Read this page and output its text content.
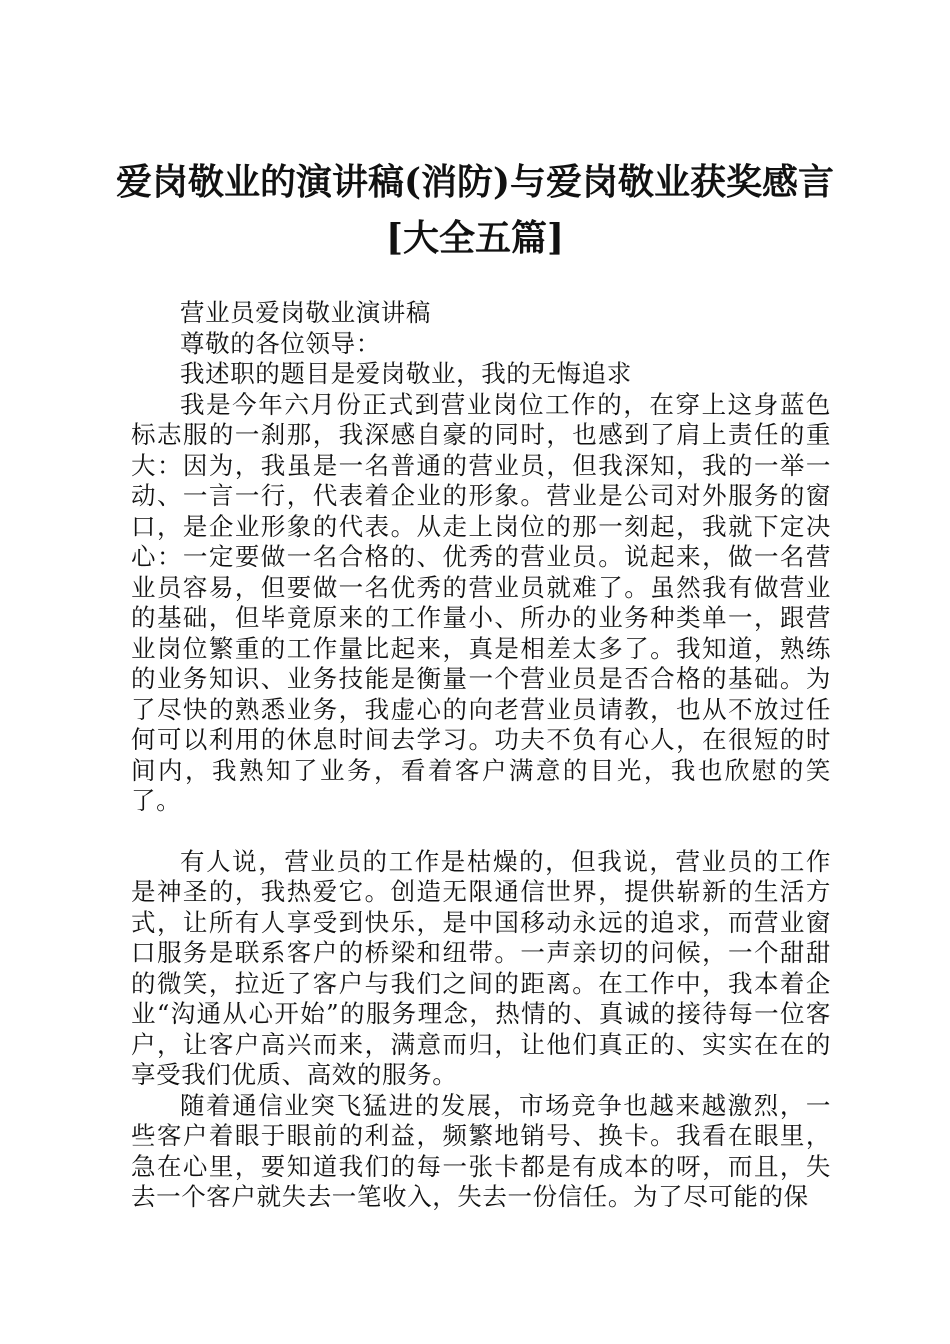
爱岗敬业的演讲稿(消防)与爱岗敬业获奖感言
[大全五篇]

营业员爱岗敬业演讲稿

尊敬的各位领导：

我述职的题目是爱岗敬业，我的无悔追求

我是今年六月份正式到营业岗位工作的，在穿上这身蓝色标志服的一刹那，我深感自豪的同时，也感到了肩上责任的重大：因为，我虽是一名普通的营业员，但我深知，我的一举一动、一言一行，代表着企业的形象。营业是公司对外服务的窗口，是企业形象的代表。从走上岗位的那一刻起，我就下定决心：一定要做一名合格的、优秀的营业员。说起来，做一名营业员容易，但要做一名优秀的营业员就难了。虽然我有做营业的基础，但毕竟原来的工作量小、所办的业务种类单一，跟营业岗位繁重的工作量比起来，真是相差太多了。我知道，熟练的业务知识、业务技能是衡量一个营业员是否合格的基础。为了尽快的熟悉业务，我虚心的向老营业员请教，也从不放过任何可以利用的休息时间去学习。功夫不负有心人，在很短的时间内，我熟知了业务，看着客户满意的目光，我也欣慰的笑了。

有人说，营业员的工作是枯燥的，但我说，营业员的工作是神圣的，我热爱它。创造无限通信世界，提供崭新的生活方式，让所有人享受到快乐，是中国移动永远的追求，而营业窗口服务是联系客户的桥梁和纽带。一声亲切的问候，一个甜甜的微笑，拉近了客户与我们之间的距离。在工作中，我本着企业“沟通从心开始”的服务理念，热情的、真诚的接待每一位客户，让客户高兴而来，满意而归，让他们真正的、实实在在的享受我们优质、高效的服务。

随着通信业突飞猛进的发展，市场竞争也越来越激烈，一些客户着眼于眼前的利益，频繁地销号、换卡。我看在眼里，急在心里，要知道我们的每一张卡都是有成本的呀，而且，失去一个客户就失去一笔收入，失去一份信任。为了尽可能的保
